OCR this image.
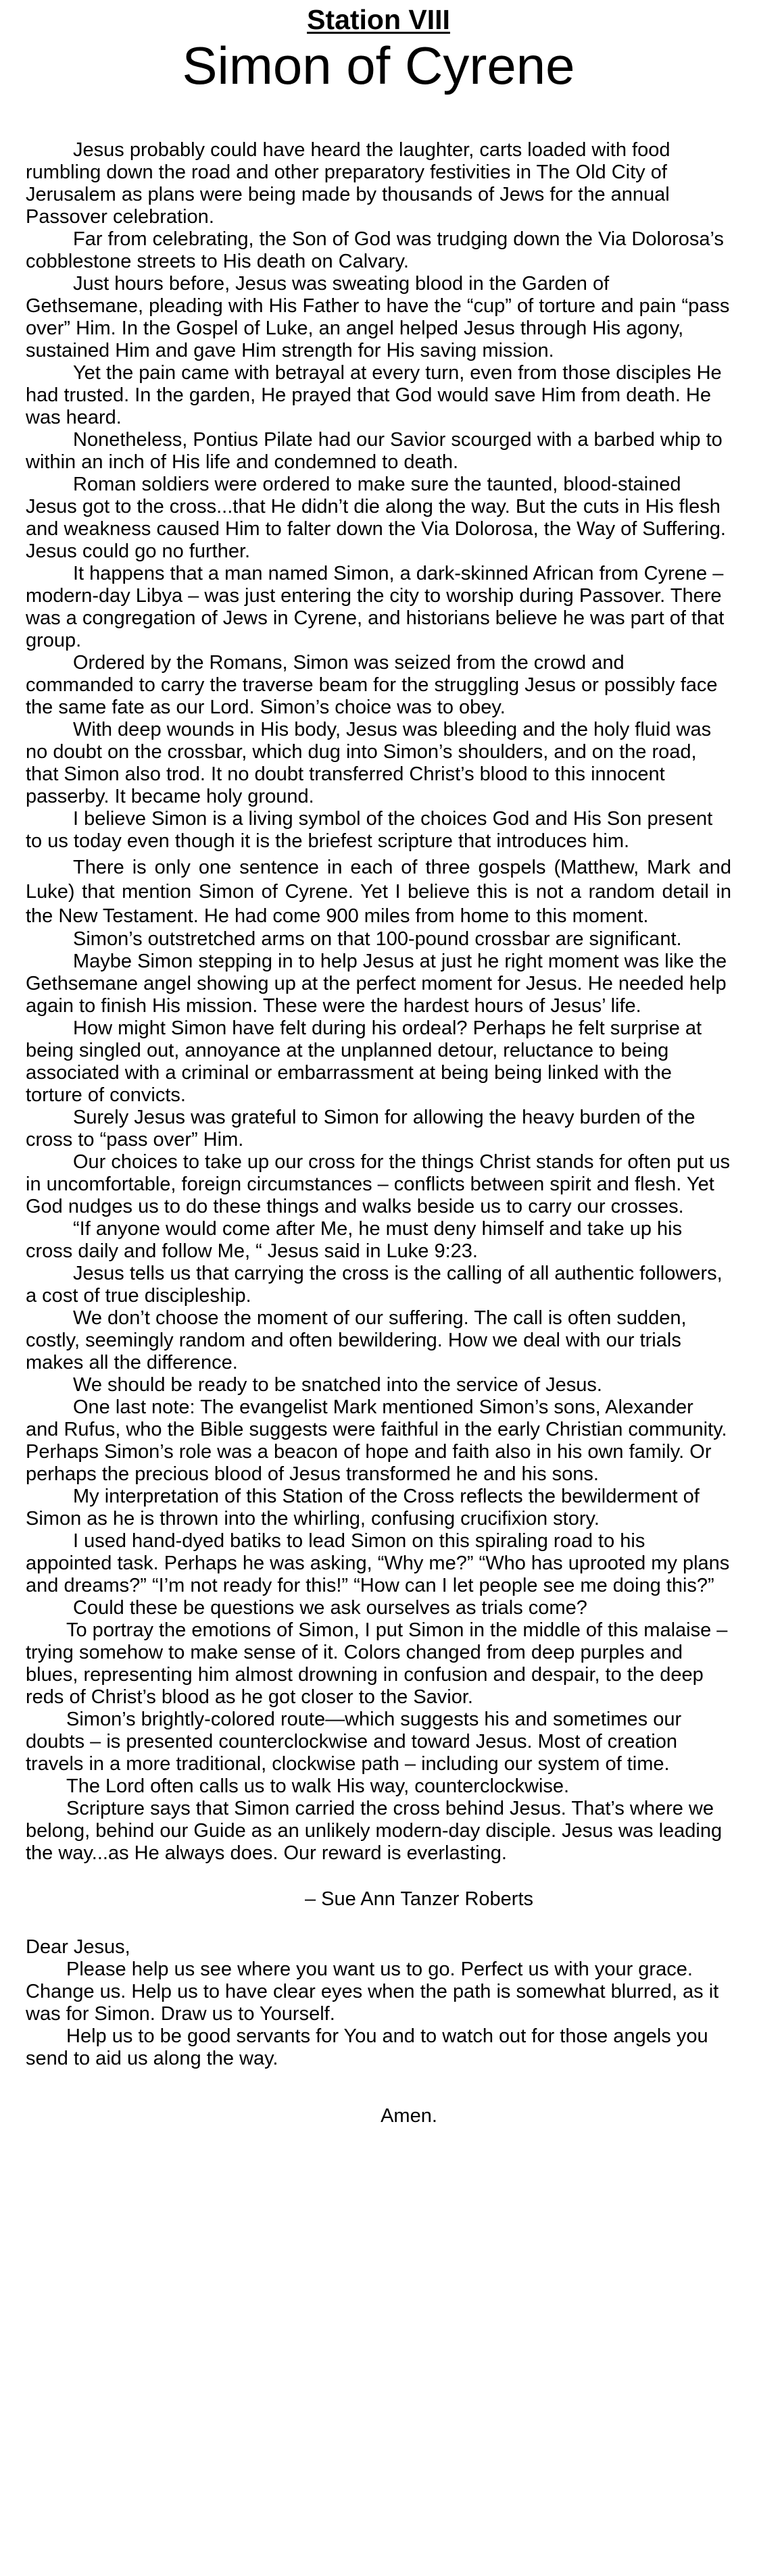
Station VIII
Simon of Cyrene

Jesus probably could have heard the laughter, carts loaded with food rumbling down the road and other preparatory festivities in The Old City of Jerusalem as plans were being made by thousands of Jews for the annual Passover celebration.

Far from celebrating, the Son of God was trudging down the Via Dolorosa’s cobblestone streets to His death on Calvary.

Just hours before, Jesus was sweating blood in the Garden of Gethsemane, pleading with His Father to have the “cup” of torture and pain “pass over” Him. In the Gospel of Luke, an angel helped Jesus through His agony, sustained Him and gave Him strength for His saving mission.

Yet the pain came with betrayal at every turn, even from those disciples He had trusted. In the garden, He prayed that God would save Him from death. He was heard.

Nonetheless, Pontius Pilate had our Savior scourged with a barbed whip to within an inch of His life and condemned to death.

Roman soldiers were ordered to make sure the taunted, blood-stained Jesus got to the cross...that He didn’t die along the way. But the cuts in His flesh and weakness caused Him to falter down the Via Dolorosa, the Way of Suffering. Jesus could go no further.

It happens that a man named Simon, a dark-skinned African from Cyrene – modern-day Libya – was just entering the city to worship during Passover. There was a congregation of Jews in Cyrene, and historians believe he was part of that group.

Ordered by the Romans, Simon was seized from the crowd and commanded to carry the traverse beam for the struggling Jesus or possibly face the same fate as our Lord. Simon’s choice was to obey.

With deep wounds in His body, Jesus was bleeding and the holy fluid was no doubt on the crossbar, which dug into Simon’s shoulders, and on the road, that Simon also trod. It no doubt transferred Christ’s blood to this innocent passerby. It became holy ground.

I believe Simon is a living symbol of the choices God and His Son present to us today even though it is the briefest scripture that introduces him.

There is only one sentence in each of three gospels (Matthew, Mark and Luke) that mention Simon of Cyrene. Yet I believe this is not a random detail in the New Testament. He had come 900 miles from home to this moment.

Simon’s outstretched arms on that 100-pound crossbar are significant.

Maybe Simon stepping in to help Jesus at just he right moment was like the Gethsemane angel showing up at the perfect moment for Jesus. He needed help again to finish His mission. These were the hardest hours of Jesus’ life.

How might Simon have felt during his ordeal? Perhaps he felt surprise at being singled out, annoyance at the unplanned detour, reluctance to being associated with a criminal or embarrassment at being being linked with the torture of convicts.

Surely Jesus was grateful to Simon for allowing the heavy burden of the cross to “pass over” Him.

Our choices to take up our cross for the things Christ stands for often put us in uncomfortable, foreign circumstances – conflicts between spirit and flesh. Yet God nudges us to do these things and walks beside us to carry our crosses.

“If anyone would come after Me, he must deny himself and take up his cross daily and follow Me, “ Jesus said in Luke 9:23.

Jesus tells us that carrying the cross is the calling of all authentic followers, a cost of true discipleship.

We don’t choose the moment of our suffering. The call is often sudden, costly, seemingly random and often bewildering. How we deal with our trials makes all the difference.

We should be ready to be snatched into the service of Jesus.

One last note: The evangelist Mark mentioned Simon’s sons, Alexander and Rufus, who the Bible suggests were faithful in the early Christian community. Perhaps Simon’s role was a beacon of hope and faith also in his own family. Or perhaps the precious blood of Jesus transformed he and his sons.

My interpretation of this Station of the Cross reflects the bewilderment of Simon as he is thrown into the whirling, confusing crucifixion story.

I used hand-dyed batiks to lead Simon on this spiraling road to his appointed task. Perhaps he was asking, “Why me?” “Who has uprooted my plans and dreams?” “I’m not ready for this!” “How can I let people see me doing this?”

Could these be questions we ask ourselves as trials come?

To portray the emotions of Simon, I put Simon in the middle of this malaise – trying somehow to make sense of it. Colors changed from deep purples and blues, representing him almost drowning in confusion and despair, to the deep reds of Christ’s blood as he got closer to the Savior.

Simon’s brightly-colored route—which suggests his and sometimes our doubts – is presented counterclockwise and toward Jesus. Most of creation travels in a more traditional, clockwise path – including our system of time.

The Lord often calls us to walk His way, counterclockwise.

Scripture says that Simon carried the cross behind Jesus. That’s where we belong, behind our Guide as an unlikely modern-day disciple. Jesus was leading the way...as He always does. Our reward is everlasting.

– Sue Ann Tanzer Roberts

Dear Jesus,

Please help us see where you want us to go. Perfect us with your grace. Change us. Help us to have clear eyes when the path is somewhat blurred, as it was for Simon. Draw us to Yourself.

Help us to be good servants for You and to watch out for those angels you send to aid us along the way.

Amen.
